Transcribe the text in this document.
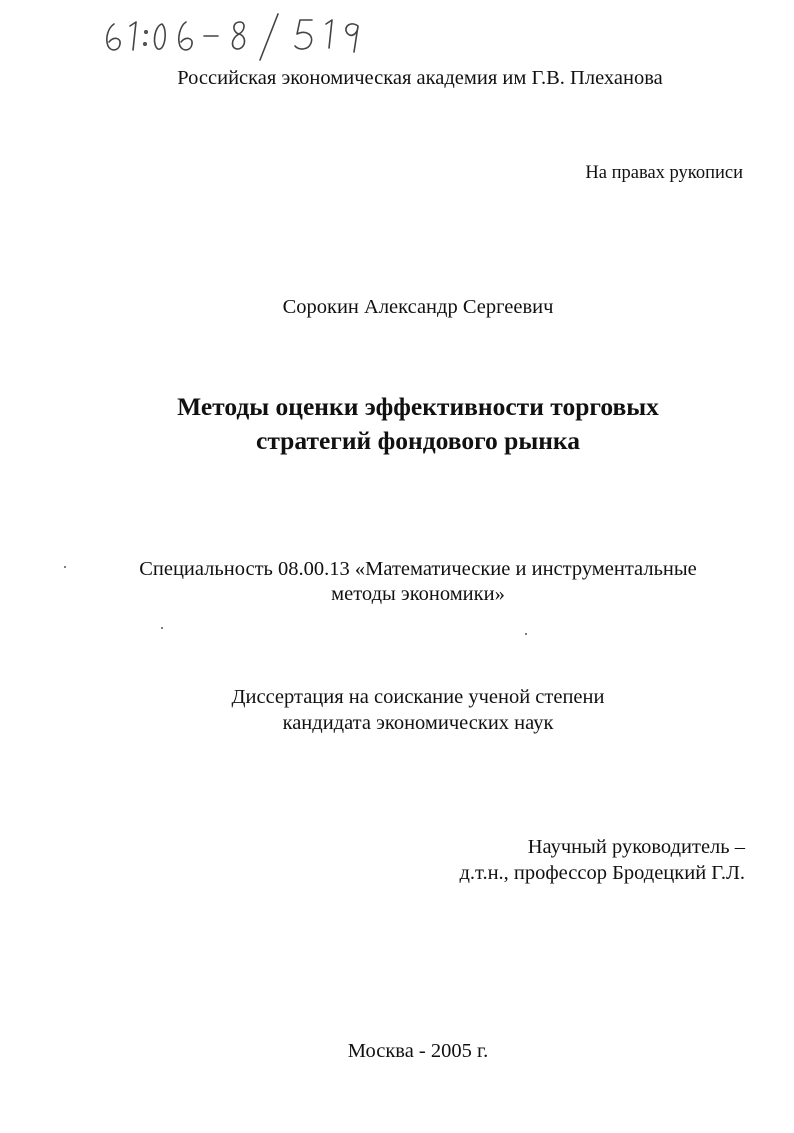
Российская экономическая академия им Г.В. Плеханова

На правах рукописи

Сорокин Александр Сергеевич

Методы оценки эффективности торговых

стратегий фондового рынка

Специальность 08.00.13 «Математические и инструментальные

методы экономики»

Диссертация на соискание ученой степени

кандидата экономических наук

Научный руководитель –

д.т.н., профессор Бродецкий Г.Л.

Москва - 2005 г.
